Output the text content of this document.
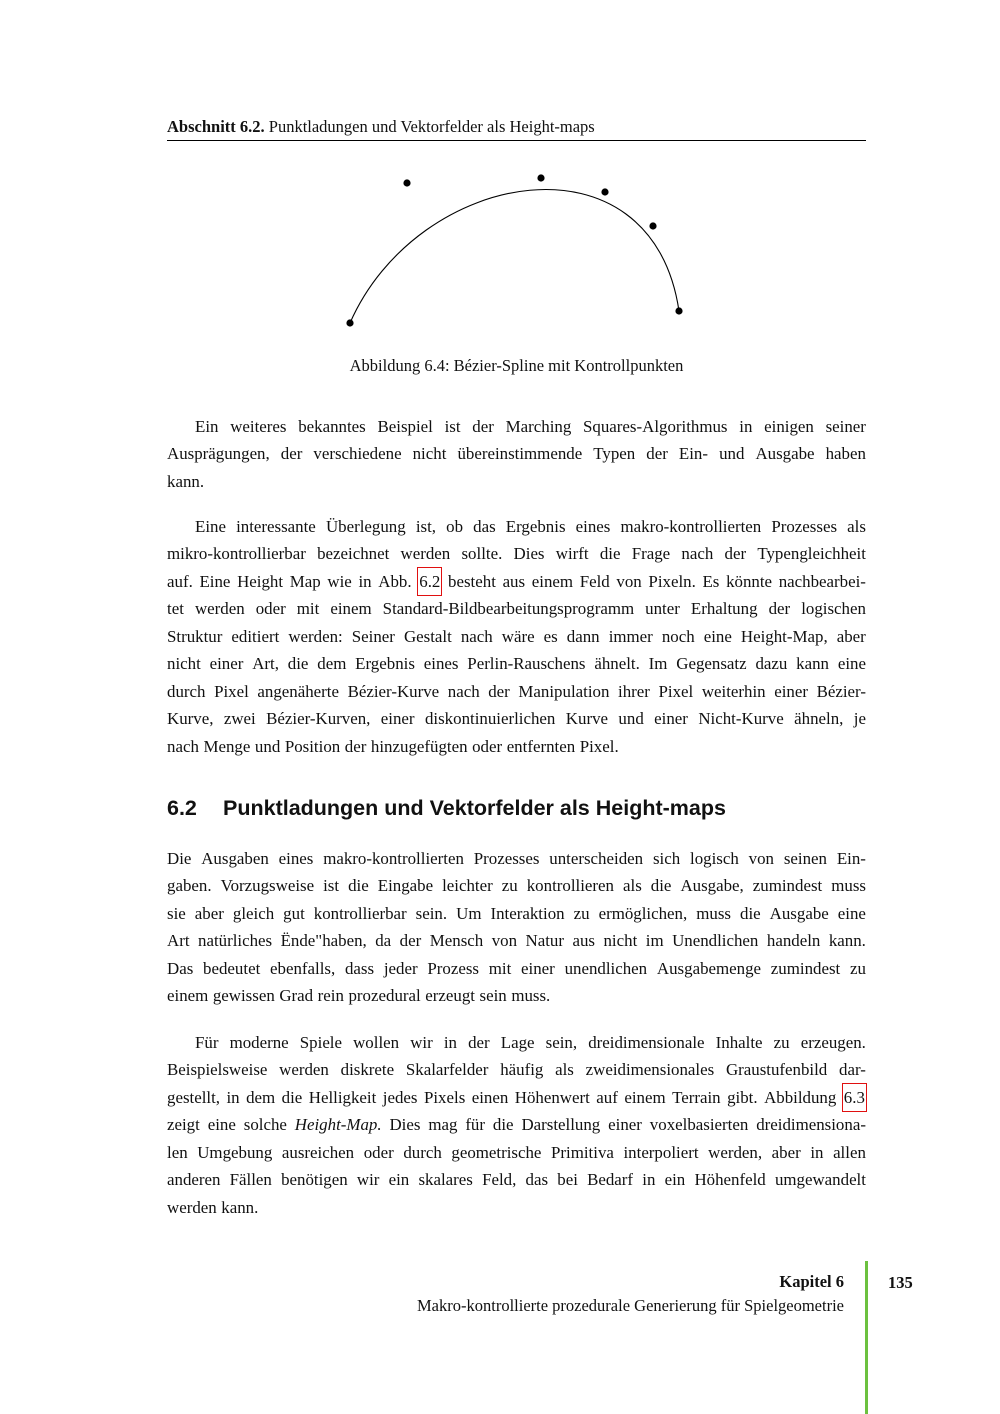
Abschnitt 6.2. Punktladungen und Vektorfelder als Height-maps
Abbildung 6.4: Bézier-Spline mit Kontrollpunkten
Ein weiteres bekanntes Beispiel ist der Marching Squares-Algorithmus in einigen seiner
Ausprägungen, der verschiedene nicht übereinstimmende Typen der Ein- und Ausgabe haben
kann.
Eine interessante Überlegung ist, ob das Ergebnis eines makro-kontrollierten Prozesses als
mikro-kontrollierbar bezeichnet werden sollte. Dies wirft die Frage nach der Typengleichheit
auf. Eine Height Map wie in Abb. 6.2 besteht aus einem Feld von Pixeln. Es könnte nachbearbei-
tet werden oder mit einem Standard-Bildbearbeitungsprogramm unter Erhaltung der logischen
Struktur editiert werden: Seiner Gestalt nach wäre es dann immer noch eine Height-Map, aber
nicht einer Art, die dem Ergebnis eines Perlin-Rauschens ähnelt. Im Gegensatz dazu kann eine
durch Pixel angenäherte Bézier-Kurve nach der Manipulation ihrer Pixel weiterhin einer Bézier-
Kurve, zwei Bézier-Kurven, einer diskontinuierlichen Kurve und einer Nicht-Kurve ähneln, je
nach Menge und Position der hinzugefügten oder entfernten Pixel.
6.2 Punktladungen und Vektorfelder als Height-maps
Die Ausgaben eines makro-kontrollierten Prozesses unterscheiden sich logisch von seinen Ein-
gaben. Vorzugsweise ist die Eingabe leichter zu kontrollieren als die Ausgabe, zumindest muss
sie aber gleich gut kontrollierbar sein. Um Interaktion zu ermöglichen, muss die Ausgabe eine
Art natürliches Ënde"haben, da der Mensch von Natur aus nicht im Unendlichen handeln kann.
Das bedeutet ebenfalls, dass jeder Prozess mit einer unendlichen Ausgabemenge zumindest zu
einem gewissen Grad rein prozedural erzeugt sein muss.
Für moderne Spiele wollen wir in der Lage sein, dreidimensionale Inhalte zu erzeugen.
Beispielsweise werden diskrete Skalarfelder häufig als zweidimensionales Graustufenbild dar-
gestellt, in dem die Helligkeit jedes Pixels einen Höhenwert auf einem Terrain gibt. Abbildung 6.3
zeigt eine solche Height-Map. Dies mag für die Darstellung einer voxelbasierten dreidimensiona-
len Umgebung ausreichen oder durch geometrische Primitiva interpoliert werden, aber in allen
anderen Fällen benötigen wir ein skalares Feld, das bei Bedarf in ein Höhenfeld umgewandelt
werden kann.
Kapitel 6
Makro-kontrollierte prozedurale Generierung für Spielgeometrie
135
